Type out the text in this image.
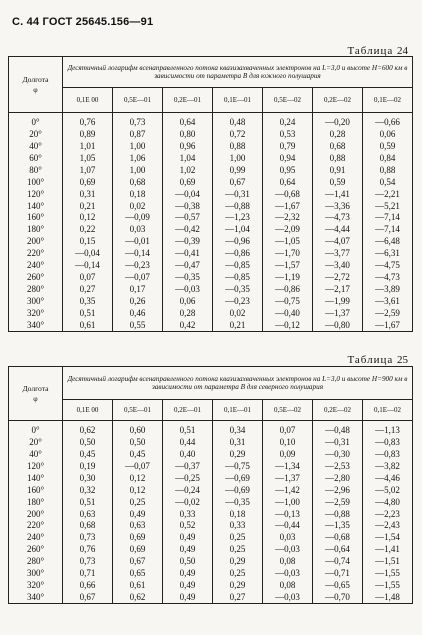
С. 44 ГОСТ 25645.156—91
Таблица 24
Долгота
φ	Десятичный логарифм всенаправленного потока квазизахваченных электронов на L=3,0 и высоте H=600 км в зависимости от параметра B для южного полушария						
	0,1E 00	0,5E—01	0,2E—01	0,1E—01	0,5E—02	0,2E—02	0,1E—02
0°	0,76	0,73	0,64	0,48	0,24	—0,20	—0,66
20°	0,89	0,87	0,80	0,72	0,53	0,28	0,06
40°	1,01	1,00	0,96	0,88	0,79	0,68	0,59
60°	1,05	1,06	1,04	1,00	0,94	0,88	0,84
80°	1,07	1,00	1,02	0,99	0,95	0,91	0,88
100°	0,69	0,68	0,69	0,67	0,64	0,59	0,54
120°	0,31	0,18	—0,04	—0,31	—0,68	—1,41	—2,21
140°	0,21	0,02	—0,38	—0,88	—1,67	—3,36	—5,21
160°	0,12	—0,09	—0,57	—1,23	—2,32	—4,73	—7,14
180°	0,22	0,03	—0,42	—1,04	—2,09	—4,44	—7,14
200°	0,15	—0,01	—0,39	—0,96	—1,05	—4,07	—6,48
220°	—0,04	—0,14	—0,41	—0,86	—1,70	—3,77	—6,31
240°	—0,14	—0,23	—0,47	—0,85	—1,57	—3,40	—4,75
260°	0,07	—0,07	—0,35	—0,85	—1,19	—2,72	—4,73
280°	0,27	0,17	—0,03	—0,35	—0,86	—2,17	—3,89
300°	0,35	0,26	0,06	—0,23	—0,75	—1,99	—3,61
320°	0,51	0,46	0,28	0,02	—0,40	—1,37	—2,59
340°	0,61	0,55	0,42	0,21	—0,12	—0,80	—1,67
Таблица 25
Долгота
φ	Десятичный логарифм всенаправленного потока квазизахваченных электронов на L=3,0 и высоте H=900 км в зависимости от параметра B для северного полушария						
	0,1E 00	0,5E—01	0,2E—01	0,1E—01	0,5E—02	0,2E—02	0,1E—02
0°	0,62	0,60	0,51	0,34	0,07	—0,48	—1,13
20°	0,50	0,50	0,44	0,31	0,10	—0,31	—0,83
40°	0,45	0,45	0,40	0,29	0,09	—0,30	—0,83
120°	0,19	—0,07	—0,37	—0,75	—1,34	—2,53	—3,82
140°	0,30	0,12	—0,25	—0,69	—1,37	—2,80	—4,46
160°	0,32	0,12	—0,24	—0,69	—1,42	—2,96	—5,02
180°	0,51	0,25	—0,02	—0,35	—1,00	—2,59	—4,80
200°	0,63	0,49	0,33	0,18	—0,13	—0,88	—2,23
220°	0,68	0,63	0,52	0,33	—0,44	—1,35	—2,43
240°	0,73	0,69	0,49	0,25	0,03	—0,68	—1,54
260°	0,76	0,69	0,49	0,25	—0,03	—0,64	—1,41
280°	0,73	0,67	0,50	0,29	0,08	—0,74	—1,51
300°	0,71	0,65	0,49	0,25	—0,03	—0,71	—1,55
320°	0,66	0,61	0,49	0,29	0,08	—0,65	—1,55
340°	0,67	0,62	0,49	0,27	—0,03	—0,70	—1,48
